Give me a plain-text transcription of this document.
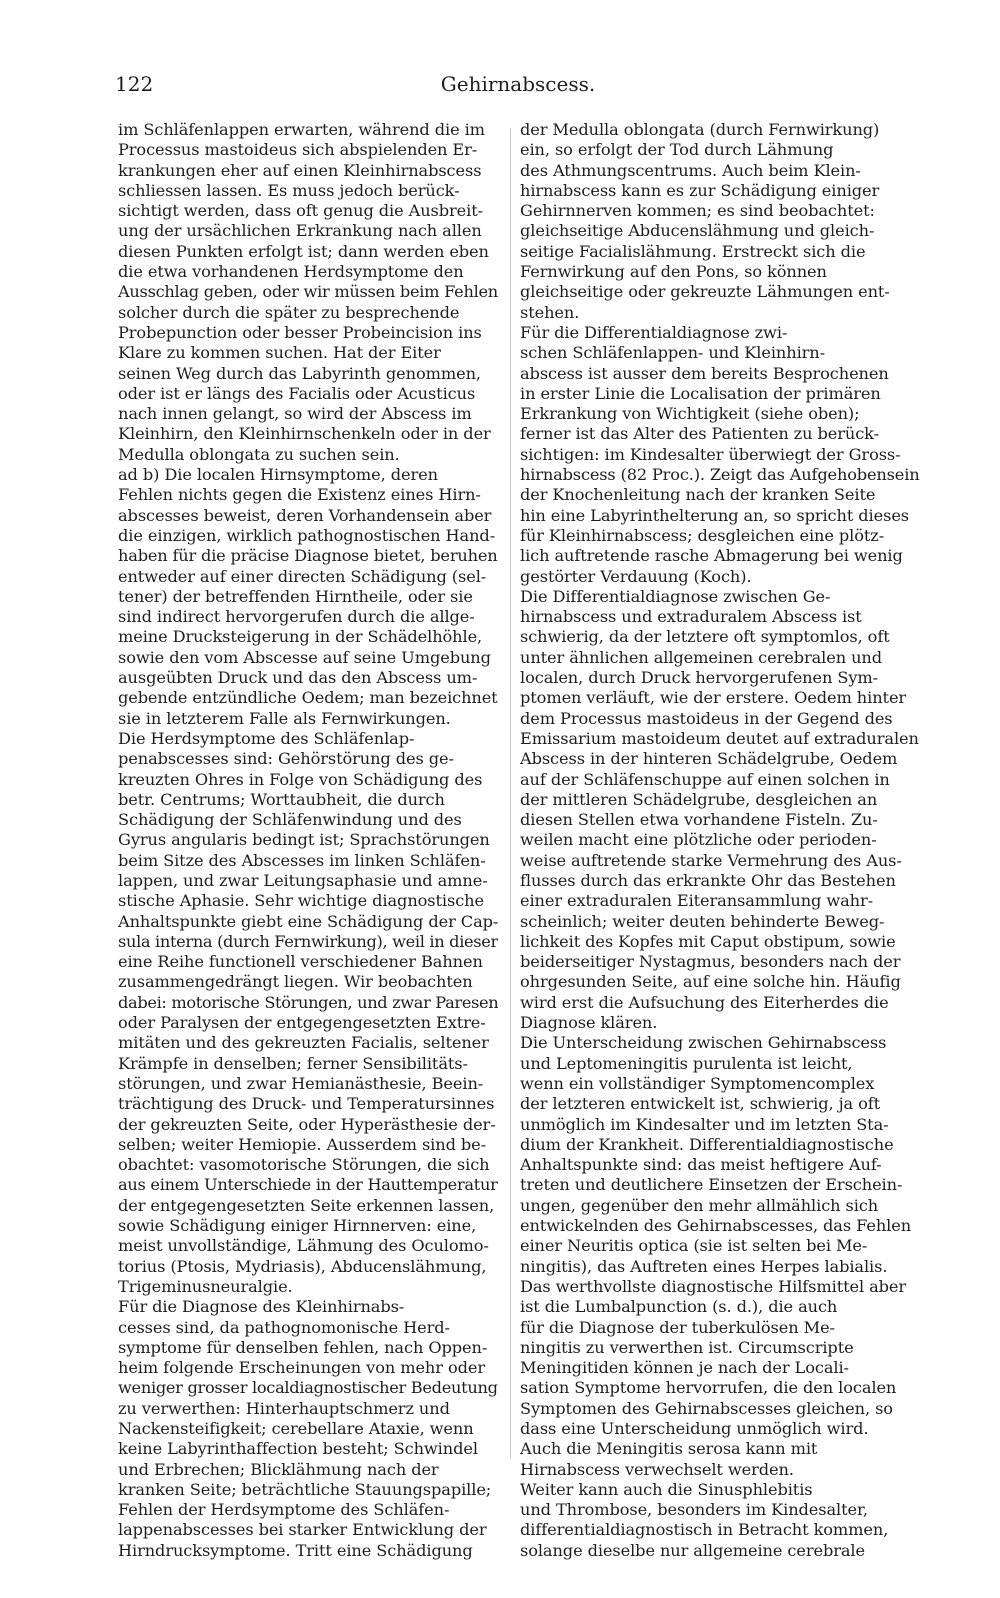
122	Gehirnabscess.
im Schläfenlappen erwarten, während die im
Processus mastoideus sich abspielenden Er-
krankungen eher auf einen Kleinhirnabscess
schliessen lassen. Es muss jedoch berück-
sichtigt werden, dass oft genug die Ausbreit-
ung der ursächlichen Erkrankung nach allen
diesen Punkten erfolgt ist; dann werden eben
die etwa vorhandenen Herdsymptome den
Ausschlag geben, oder wir müssen beim Fehlen
solcher durch die später zu besprechende
Probepunction oder besser Probeincision ins
Klare zu kommen suchen. Hat der Eiter
seinen Weg durch das Labyrinth genommen,
oder ist er längs des Facialis oder Acusticus
nach innen gelangt, so wird der Abscess im
Kleinhirn, den Kleinhirnschenkeln oder in der
Medulla oblongata zu suchen sein.
ad b) Die localen Hirnsymptome, deren
Fehlen nichts gegen die Existenz eines Hirn-
abscesses beweist, deren Vorhandensein aber
die einzigen, wirklich pathognostischen Hand-
haben für die präcise Diagnose bietet, beruhen
entweder auf einer directen Schädigung (sel-
tener) der betreffenden Hirntheile, oder sie
sind indirect hervorgerufen durch die allge-
meine Drucksteigerung in der Schädelhöhle,
sowie den vom Abscesse auf seine Umgebung
ausgeübten Druck und das den Abscess um-
gebende entzündliche Oedem; man bezeichnet
sie in letzterem Falle als Fernwirkungen.
Die Herdsymptome des Schläfenlap-
penabscesses sind: Gehörstörung des ge-
kreuzten Ohres in Folge von Schädigung des
betr. Centrums; Worttaubheit, die durch
Schädigung der Schläfenwindung und des
Gyrus angularis bedingt ist; Sprachstörungen
beim Sitze des Abscesses im linken Schläfen-
lappen, und zwar Leitungsaphasie und amne-
stische Aphasie. Sehr wichtige diagnostische
Anhaltspunkte giebt eine Schädigung der Cap-
sula interna (durch Fernwirkung), weil in dieser
eine Reihe functionell verschiedener Bahnen
zusammengedrängt liegen. Wir beobachten
dabei: motorische Störungen, und zwar Paresen
oder Paralysen der entgegengesetzten Extre-
mitäten und des gekreuzten Facialis, seltener
Krämpfe in denselben; ferner Sensibilitäts-
störungen, und zwar Hemianästhesie, Beein-
trächtigung des Druck- und Temperatursinnes
der gekreuzten Seite, oder Hyperästhesie der-
selben; weiter Hemiopie. Ausserdem sind be-
obachtet: vasomotorische Störungen, die sich
aus einem Unterschiede in der Hauttemperatur
der entgegengesetzten Seite erkennen lassen,
sowie Schädigung einiger Hirnnerven: eine,
meist unvollständige, Lähmung des Oculomo-
torius (Ptosis, Mydriasis), Abducenslähmung,
Trigeminusneuralgie.
Für die Diagnose des Kleinhirnabs-
cesses sind, da pathognomonische Herd-
symptome für denselben fehlen, nach Oppen-
heim folgende Erscheinungen von mehr oder
weniger grosser localdiagnostischer Bedeutung
zu verwerthen: Hinterhauptschmerz und
Nackensteifigkeit; cerebellare Ataxie, wenn
keine Labyrinthaffection besteht; Schwindel
und Erbrechen; Blicklähmung nach der
kranken Seite; beträchtliche Stauungspapille;
Fehlen der Herdsymptome des Schläfen-
lappenabscesses bei starker Entwicklung der
Hirndrucksymptome. Tritt eine Schädigung
der Medulla oblongata (durch Fernwirkung)
ein, so erfolgt der Tod durch Lähmung
des Athmungscentrums. Auch beim Klein-
hirnabscess kann es zur Schädigung einiger
Gehirnnerven kommen; es sind beobachtet:
gleichseitige Abducenslähmung und gleich-
seitige Facialislähmung. Erstreckt sich die
Fernwirkung auf den Pons, so können
gleichseitige oder gekreuzte Lähmungen ent-
stehen.
Für die Differentialdiagnose zwi-
schen Schläfenlappen- und Kleinhirn-
abscess ist ausser dem bereits Besprochenen
in erster Linie die Localisation der primären
Erkrankung von Wichtigkeit (siehe oben);
ferner ist das Alter des Patienten zu berück-
sichtigen: im Kindesalter überwiegt der Gross-
hirnabscess (82 Proc.). Zeigt das Aufgehobensein
der Knochenleitung nach der kranken Seite
hin eine Labyrinthelterung an, so spricht dieses
für Kleinhirnabscess; desgleichen eine plötz-
lich auftretende rasche Abmagerung bei wenig
gestörter Verdauung (Koch).
Die Differentialdiagnose zwischen Ge-
hirnabscess und extraduralem Abscess ist
schwierig, da der letztere oft symptomlos, oft
unter ähnlichen allgemeinen cerebralen und
localen, durch Druck hervorgerufenen Sym-
ptomen verläuft, wie der erstere. Oedem hinter
dem Processus mastoideus in der Gegend des
Emissarium mastoideum deutet auf extraduralen
Abscess in der hinteren Schädelgrube, Oedem
auf der Schläfenschuppe auf einen solchen in
der mittleren Schädelgrube, desgleichen an
diesen Stellen etwa vorhandene Fisteln. Zu-
weilen macht eine plötzliche oder perioden-
weise auftretende starke Vermehrung des Aus-
flusses durch das erkrankte Ohr das Bestehen
einer extraduralen Eiteransammlung wahr-
scheinlich; weiter deuten behinderte Beweg-
lichkeit des Kopfes mit Caput obstipum, sowie
beiderseitiger Nystagmus, besonders nach der
ohrgesunden Seite, auf eine solche hin. Häufig
wird erst die Aufsuchung des Eiterherdes die
Diagnose klären.
Die Unterscheidung zwischen Gehirnabscess
und Leptomeningitis purulenta ist leicht,
wenn ein vollständiger Symptomencomplex
der letzteren entwickelt ist, schwierig, ja oft
unmöglich im Kindesalter und im letzten Sta-
dium der Krankheit. Differentialdiagnostische
Anhaltspunkte sind: das meist heftigere Auf-
treten und deutlichere Einsetzen der Erschein-
ungen, gegenüber den mehr allmählich sich
entwickelnden des Gehirnabscesses, das Fehlen
einer Neuritis optica (sie ist selten bei Me-
ningitis), das Auftreten eines Herpes labialis.
Das werthvollste diagnostische Hilfsmittel aber
ist die Lumbalpunction (s. d.), die auch
für die Diagnose der tuberkulösen Me-
ningitis zu verwerthen ist. Circumscripte
Meningitiden können je nach der Locali-
sation Symptome hervorrufen, die den localen
Symptomen des Gehirnabscesses gleichen, so
dass eine Unterscheidung unmöglich wird.
Auch die Meningitis serosa kann mit
Hirnabscess verwechselt werden.
Weiter kann auch die Sinusphlebitis
und Thrombose, besonders im Kindesalter,
differentialdiagnostisch in Betracht kommen,
solange dieselbe nur allgemeine cerebrale
